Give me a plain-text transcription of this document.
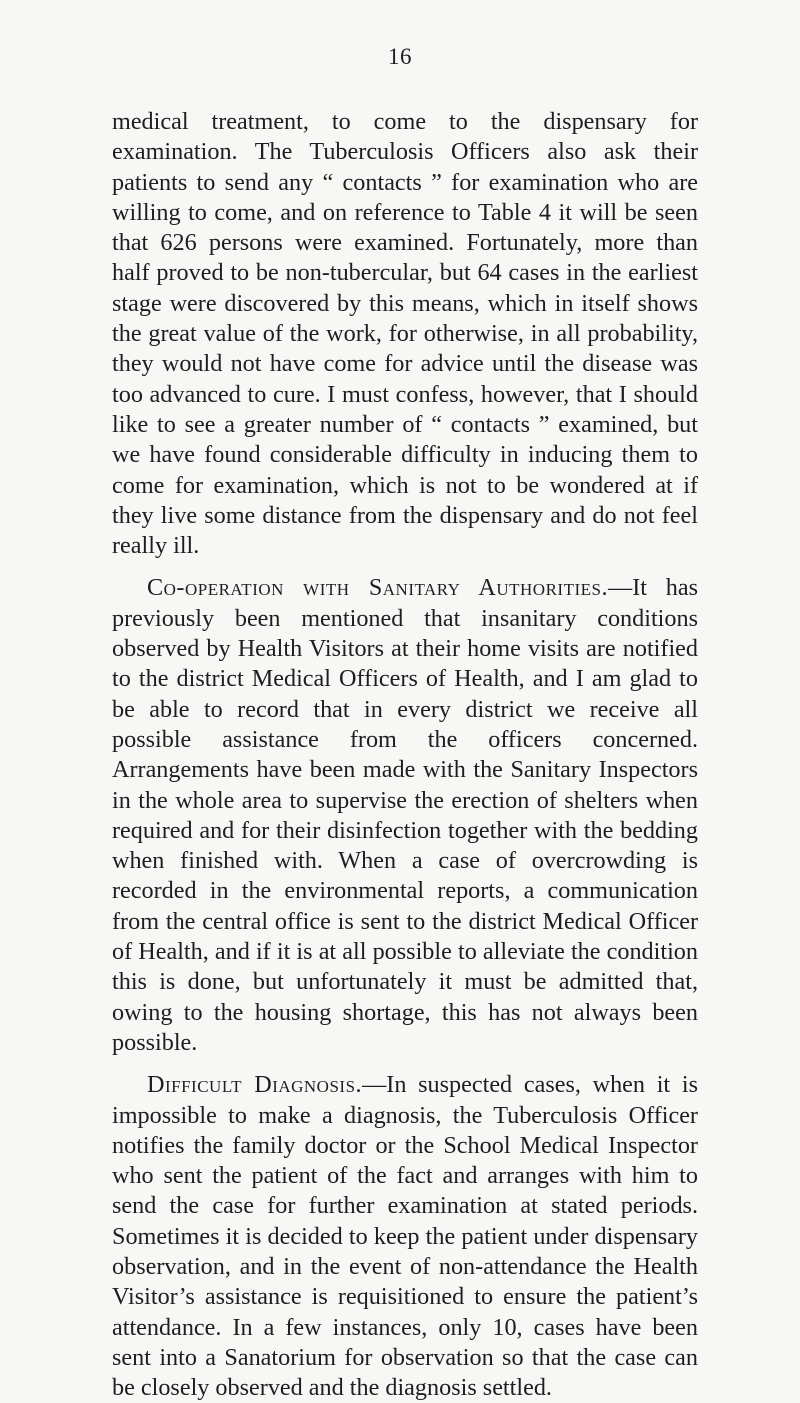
16

medical treatment, to come to the dispensary for examination. The Tuberculosis Officers also ask their patients to send any “ contacts ” for examination who are willing to come, and on reference to Table 4 it will be seen that 626 persons were examined. Fortunately, more than half proved to be non-tubercular, but 64 cases in the earliest stage were discovered by this means, which in itself shows the great value of the work, for otherwise, in all probability, they would not have come for advice until the disease was too advanced to cure. I must confess, however, that I should like to see a greater number of “ contacts ” examined, but we have found considerable difficulty in inducing them to come for examination, which is not to be wondered at if they live some distance from the dispensary and do not feel really ill.

Co-operation with Sanitary Authorities.—It has previously been mentioned that insanitary conditions observed by Health Visitors at their home visits are notified to the district Medical Officers of Health, and I am glad to be able to record that in every district we receive all possible assistance from the officers concerned. Arrangements have been made with the Sanitary Inspectors in the whole area to supervise the erection of shelters when required and for their disinfection together with the bedding when finished with. When a case of overcrowding is recorded in the environmental reports, a communication from the central office is sent to the district Medical Officer of Health, and if it is at all possible to alleviate the condition this is done, but unfortunately it must be admitted that, owing to the housing shortage, this has not always been possible.

Difficult Diagnosis.—In suspected cases, when it is impossible to make a diagnosis, the Tuberculosis Officer notifies the family doctor or the School Medical Inspector who sent the patient of the fact and arranges with him to send the case for further examination at stated periods. Sometimes it is decided to keep the patient under dispensary observation, and in the event of non-attendance the Health Visitor’s assistance is requisitioned to ensure the patient’s attendance. In a few instances, only 10, cases have been sent into a Sanatorium for observation so that the case can be closely observed and the diagnosis settled.
